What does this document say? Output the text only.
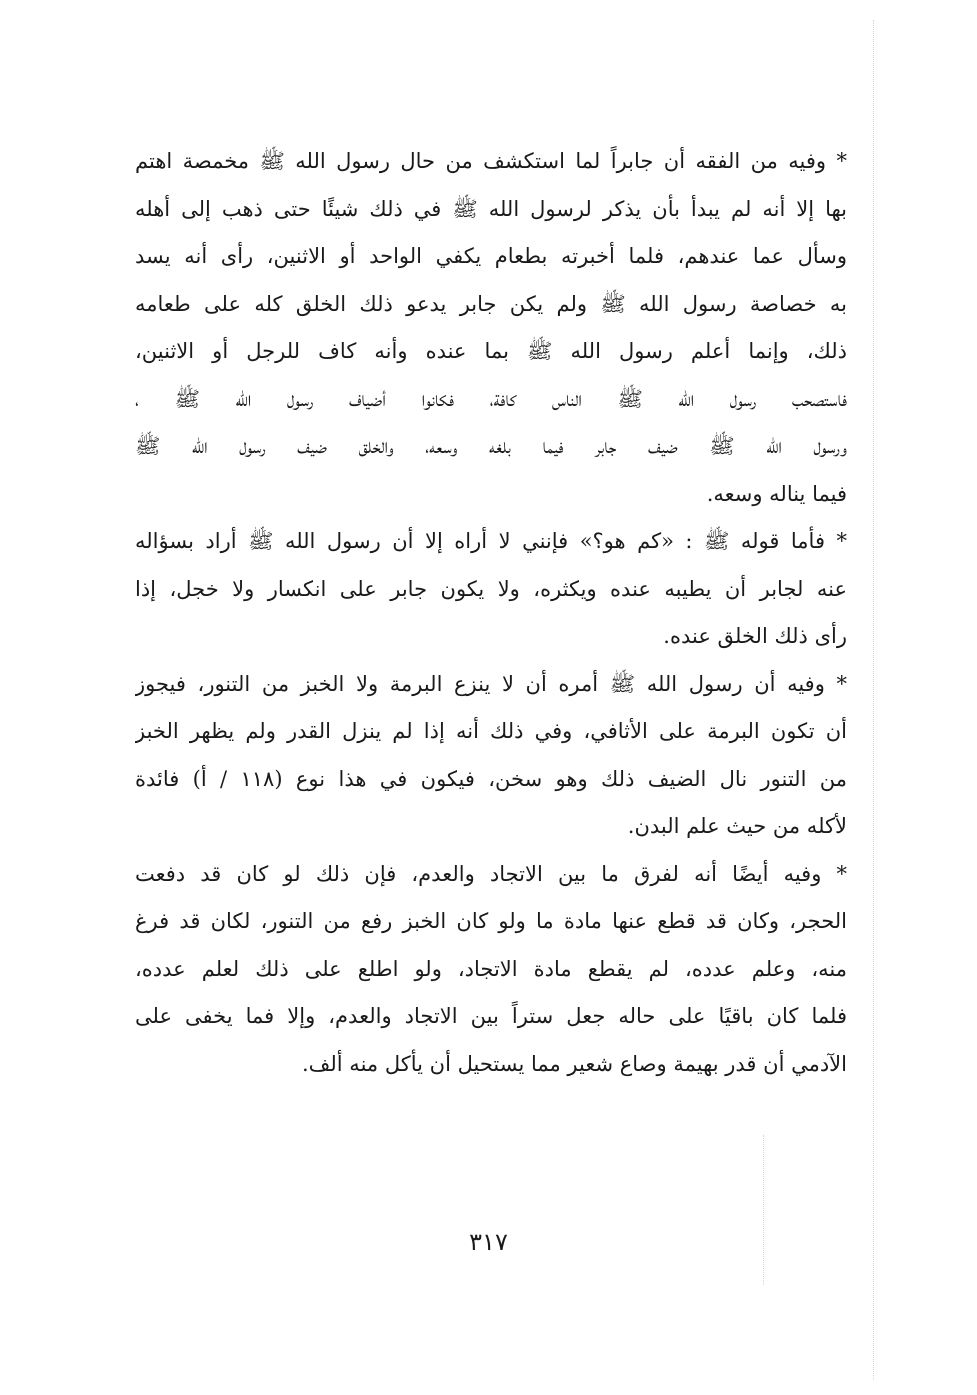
* وفيه من الفقه أن جابراً لما استكشف من حال رسول الله ﷺ مخمصة اهتم
بها إلا أنه لم يبدأ بأن يذكر لرسول الله ﷺ في ذلك شيئًا حتى ذهب إلى أهله
وسأل عما عندهم، فلما أخبرته بطعام يكفي الواحد أو الاثنين، رأى أنه يسد
به خصاصة رسول الله ﷺ ولم يكن جابر يدعو ذلك الخلق كله على طعامه
ذلك، وإنما أعلم رسول الله ﷺ بما عنده وأنه كاف للرجل أو الاثنين،
فاستصحب رسول الله ﷺ الناس كافة، فكانوا أضياف رسول الله ﷺ ،
ورسول الله ﷺ ضيف جابر فيما بلغه وسعه، والخلق ضيف رسول الله ﷺ
فيما يناله وسعه.
* فأما قوله ﷺ : «كم هو؟» فإنني لا أراه إلا أن رسول الله ﷺ أراد بسؤاله
عنه لجابر أن يطيبه عنده ويكثره، ولا يكون جابر على انكسار ولا خجل، إذا
رأى ذلك الخلق عنده.
* وفيه أن رسول الله ﷺ أمره أن لا ينزع البرمة ولا الخبز من التنور، فيجوز
أن تكون البرمة على الأثافي، وفي ذلك أنه إذا لم ينزل القدر ولم يظهر الخبز
من التنور نال الضيف ذلك وهو سخن، فيكون في هذا نوع (١١٨ / أ) فائدة
لأكله من حيث علم البدن.
* وفيه أيضًا أنه لفرق ما بين الاتجاد والعدم، فإن ذلك لو كان قد دفعت
الحجر، وكان قد قطع عنها مادة ما ولو كان الخبز رفع من التنور، لكان قد فرغ
منه، وعلم عدده، لم يقطع مادة الاتجاد، ولو اطلع على ذلك لعلم عدده،
فلما كان باقيًا على حاله جعل ستراً بين الاتجاد والعدم، وإلا فما يخفى على
الآدمي أن قدر بهيمة وصاع شعير مما يستحيل أن يأكل منه ألف.
٣١٧
